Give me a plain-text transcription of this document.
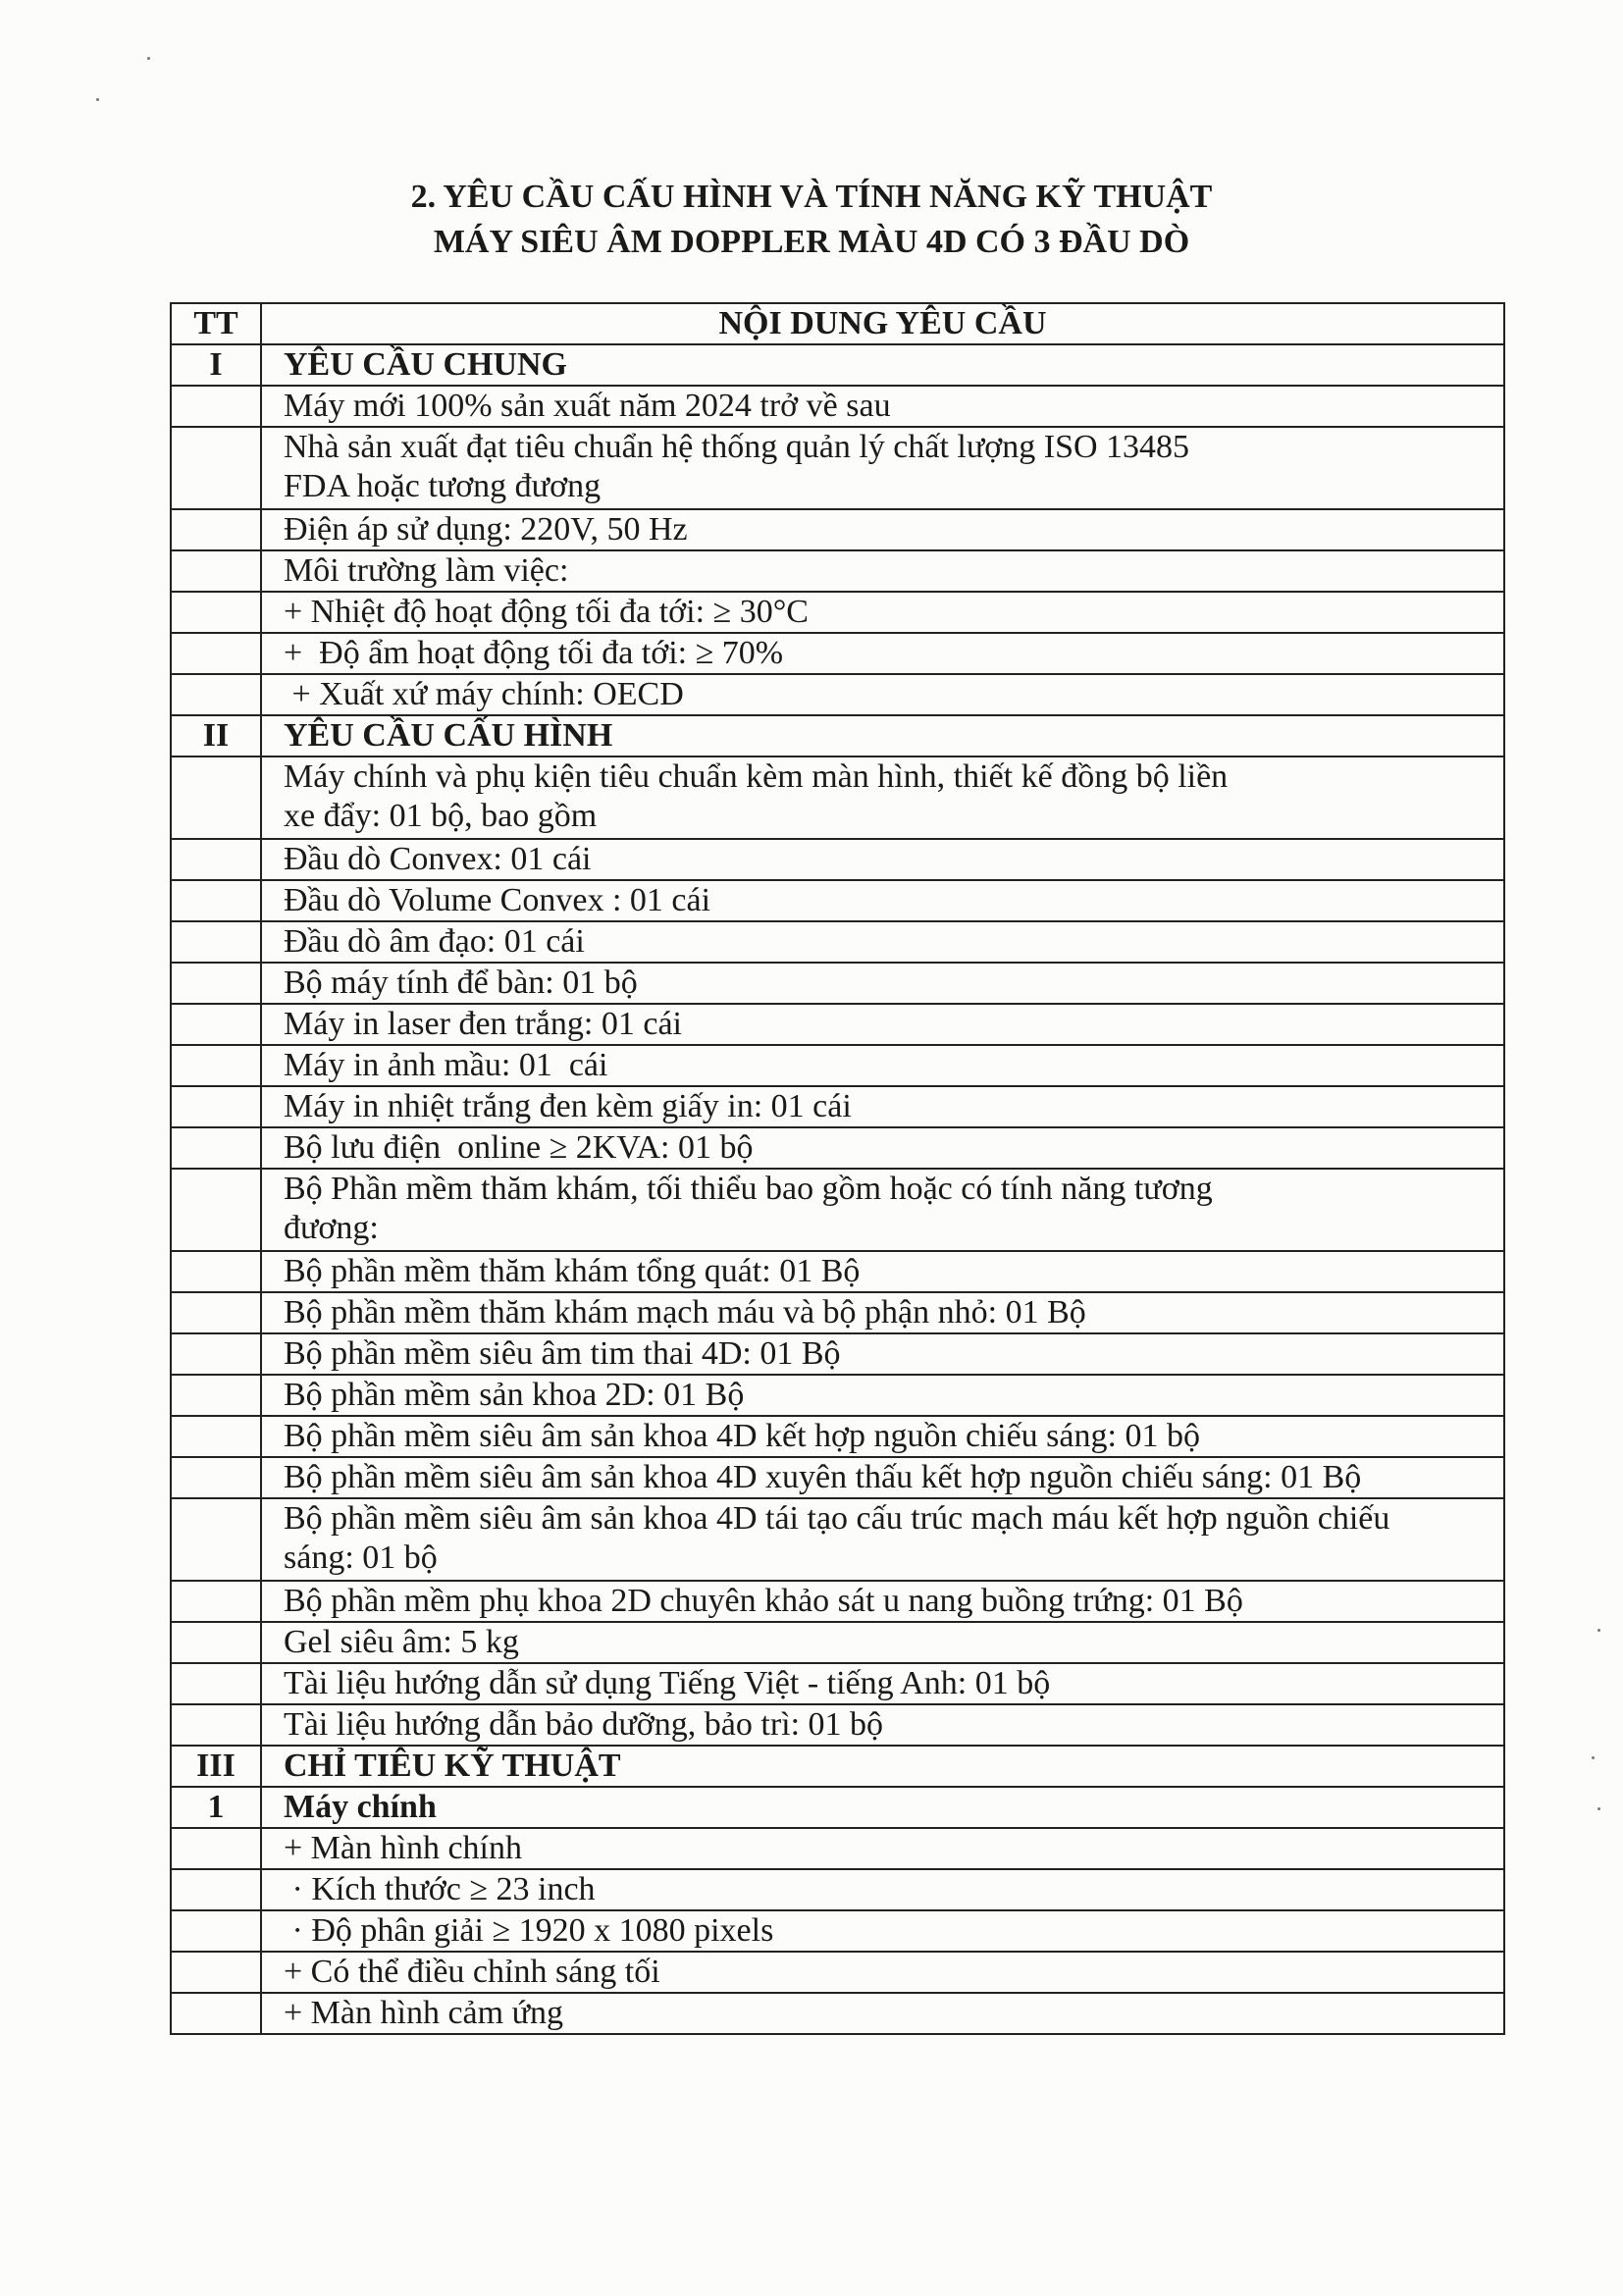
2. YÊU CẦU CẤU HÌNH VÀ TÍNH NĂNG KỸ THUẬT
MÁY SIÊU ÂM DOPPLER MÀU 4D CÓ 3 ĐẦU DÒ
TT	NỘI DUNG YÊU CẦU
I	YÊU CẦU CHUNG
	Máy mới 100% sản xuất năm 2024 trở về sau
	Nhà sản xuất đạt tiêu chuẩn hệ thống quản lý chất lượng ISO 13485
FDA hoặc tương đương
	Điện áp sử dụng: 220V, 50 Hz
	Môi trường làm việc:
	+ Nhiệt độ hoạt động tối đa tới: ≥ 30°C
	+  Độ ẩm hoạt động tối đa tới: ≥ 70%
	+ Xuất xứ máy chính: OECD
II	YÊU CẦU CẤU HÌNH
	Máy chính và phụ kiện tiêu chuẩn kèm màn hình, thiết kế đồng bộ liền
xe đẩy: 01 bộ, bao gồm
	Đầu dò Convex: 01 cái
	Đầu dò Volume Convex : 01 cái
	Đầu dò âm đạo: 01 cái
	Bộ máy tính để bàn: 01 bộ
	Máy in laser đen trắng: 01 cái
	Máy in ảnh mầu: 01  cái
	Máy in nhiệt trắng đen kèm giấy in: 01 cái
	Bộ lưu điện  online ≥ 2KVA: 01 bộ
	Bộ Phần mềm thăm khám, tối thiểu bao gồm hoặc có tính năng tương
đương:
	Bộ phần mềm thăm khám tổng quát: 01 Bộ
	Bộ phần mềm thăm khám mạch máu và bộ phận nhỏ: 01 Bộ
	Bộ phần mềm siêu âm tim thai 4D: 01 Bộ
	Bộ phần mềm sản khoa 2D: 01 Bộ
	Bộ phần mềm siêu âm sản khoa 4D kết hợp nguồn chiếu sáng: 01 bộ
	Bộ phần mềm siêu âm sản khoa 4D xuyên thấu kết hợp nguồn chiếu sáng: 01 Bộ
	Bộ phần mềm siêu âm sản khoa 4D tái tạo cấu trúc mạch máu kết hợp nguồn chiếu
sáng: 01 bộ
	Bộ phần mềm phụ khoa 2D chuyên khảo sát u nang buồng trứng: 01 Bộ
	Gel siêu âm: 5 kg
	Tài liệu hướng dẫn sử dụng Tiếng Việt - tiếng Anh: 01 bộ
	Tài liệu hướng dẫn bảo dưỡng, bảo trì: 01 bộ
III	CHỈ TIÊU KỸ THUẬT
1	Máy chính
	+ Màn hình chính
	· Kích thước ≥ 23 inch
	· Độ phân giải ≥ 1920 x 1080 pixels
	+ Có thể điều chỉnh sáng tối
	+ Màn hình cảm ứng
